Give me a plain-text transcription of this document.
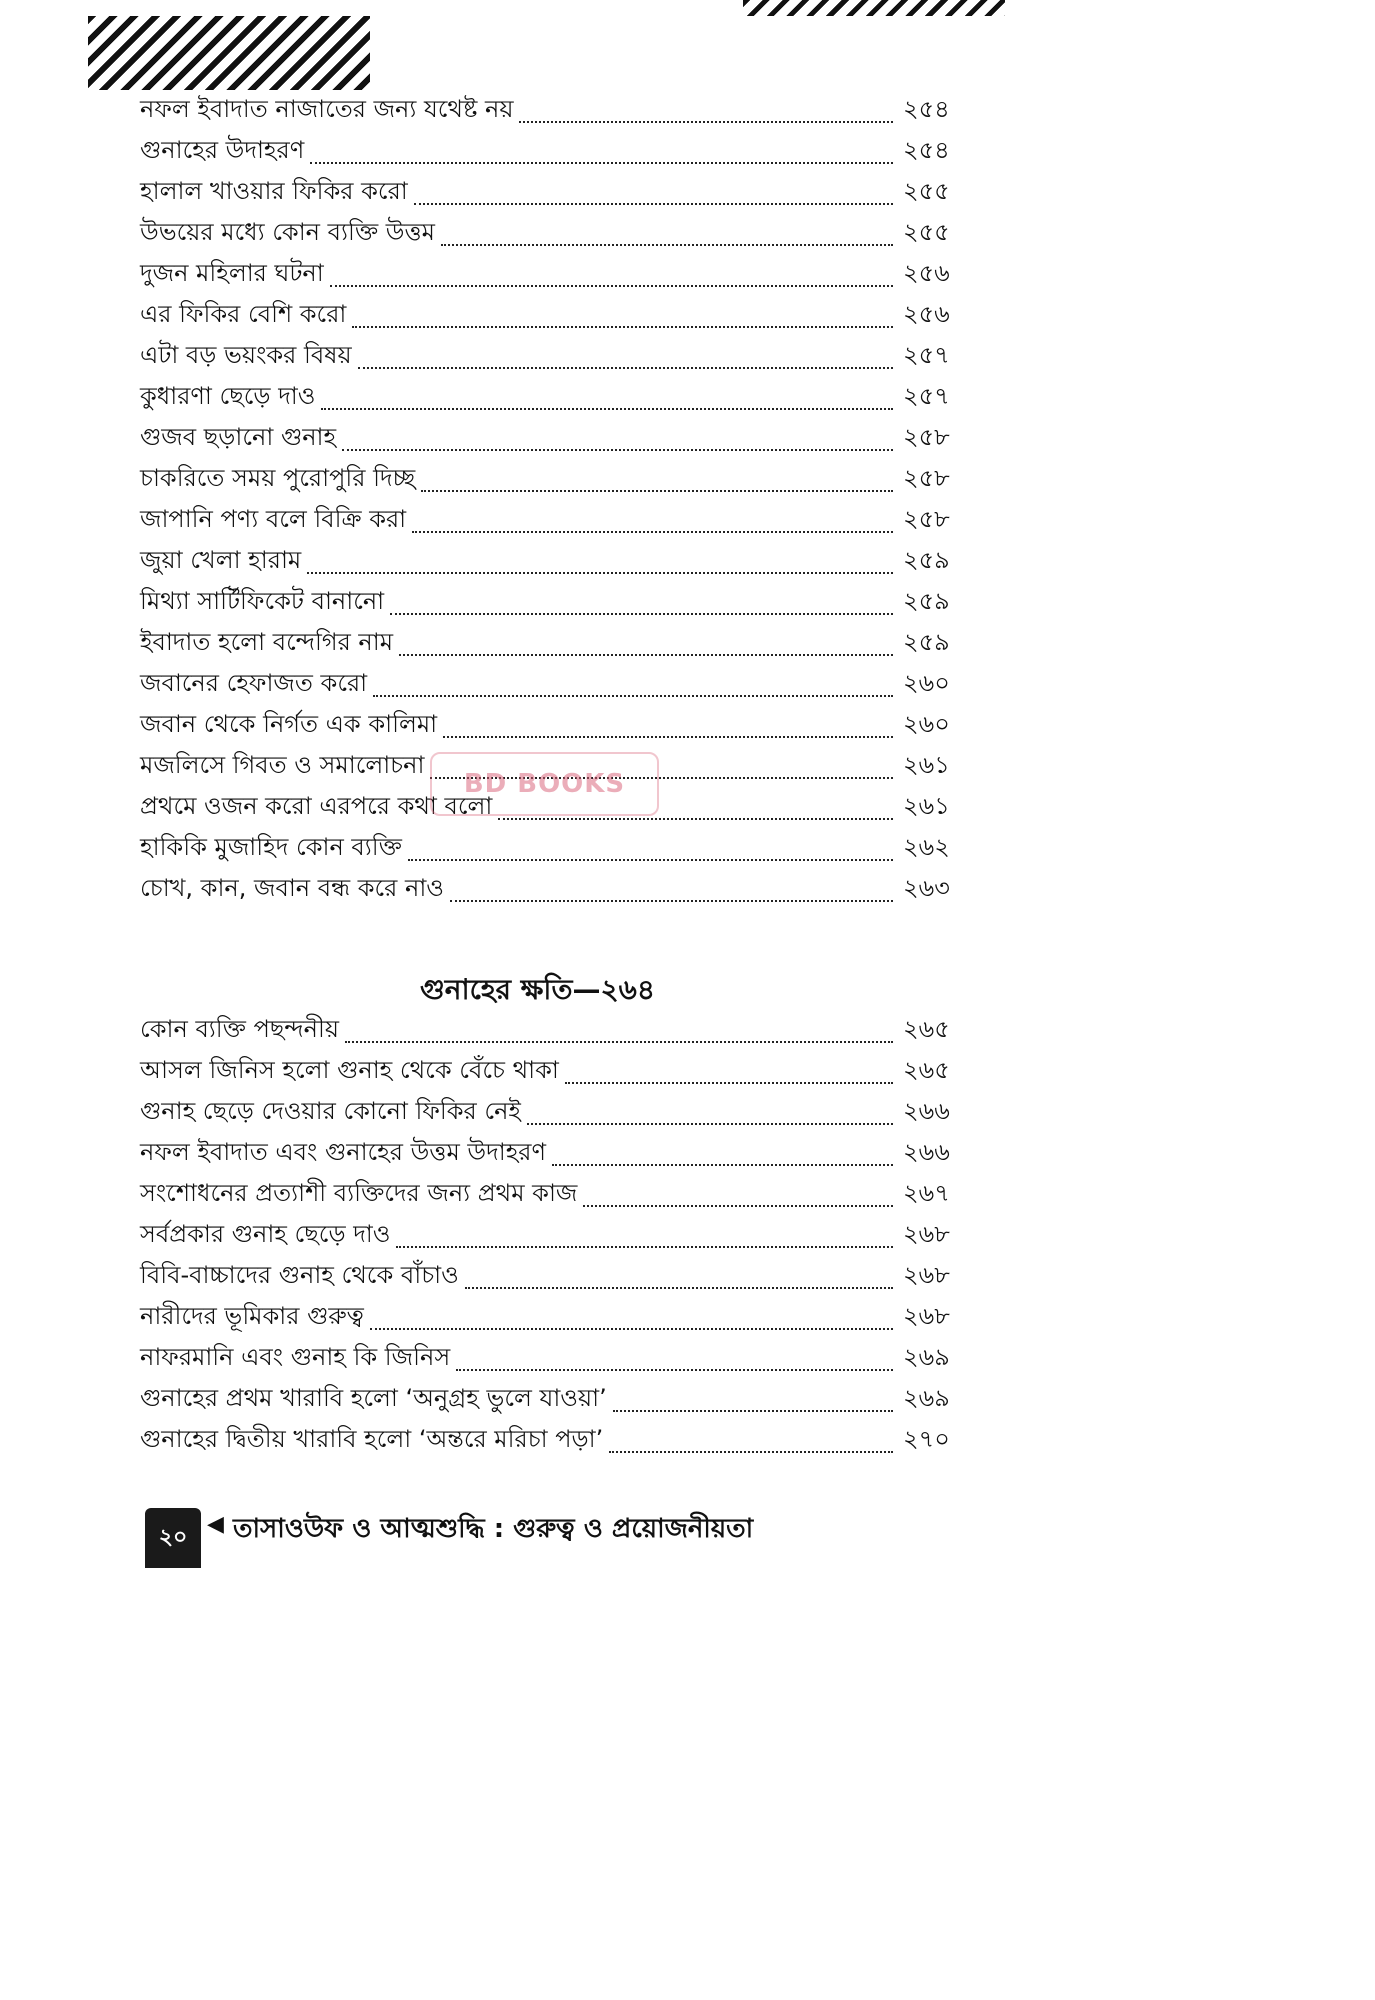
নফল ইবাদাত নাজাতের জন্য যথেষ্ট নয়	২৫৪
গুনাহের উদাহরণ	২৫৪
হালাল খাওয়ার ফিকির করো	২৫৫
উভয়ের মধ্যে কোন ব্যক্তি উত্তম	২৫৫
দুজন মহিলার ঘটনা	২৫৬
এর ফিকির বেশি করো	২৫৬
এটা বড় ভয়ংকর বিষয়	২৫৭
কুধারণা ছেড়ে দাও	২৫৭
গুজব ছড়ানো গুনাহ	২৫৮
চাকরিতে সময় পুরোপুরি দিচ্ছ	২৫৮
জাপানি পণ্য বলে বিক্রি করা	২৫৮
জুয়া খেলা হারাম	২৫৯
মিথ্যা সার্টিফিকেট বানানো	২৫৯
ইবাদাত হলো বন্দেগির নাম	২৫৯
জবানের হেফাজত করো	২৬০
জবান থেকে নির্গত এক কালিমা	২৬০
মজলিসে গিবত ও সমালোচনা	২৬১
প্রথমে ওজন করো এরপরে কথা বলো	২৬১
হাকিকি মুজাহিদ কোন ব্যক্তি	২৬২
চোখ, কান, জবান বন্ধ করে নাও	২৬৩
গুনাহের ক্ষতি—২৬৪
কোন ব্যক্তি পছন্দনীয়	২৬৫
আসল জিনিস হলো গুনাহ থেকে বেঁচে থাকা	২৬৫
গুনাহ ছেড়ে দেওয়ার কোনো ফিকির নেই	২৬৬
নফল ইবাদাত এবং গুনাহের উত্তম উদাহরণ	২৬৬
সংশোধনের প্রত্যাশী ব্যক্তিদের জন্য প্রথম কাজ	২৬৭
সর্বপ্রকার গুনাহ ছেড়ে দাও	২৬৮
বিবি-বাচ্চাদের গুনাহ থেকে বাঁচাও	২৬৮
নারীদের ভূমিকার গুরুত্ব	২৬৮
নাফরমানি এবং গুনাহ কি জিনিস	২৬৯
গুনাহের প্রথম খারাবি হলো ‘অনুগ্রহ ভুলে যাওয়া’	২৬৯
গুনাহের দ্বিতীয় খারাবি হলো ‘অন্তরে মরিচা পড়া’	২৭০
BD BOOKS
২০ ◀ তাসাওউফ ও আত্মশুদ্ধি : গুরুত্ব ও প্রয়োজনীয়তা
